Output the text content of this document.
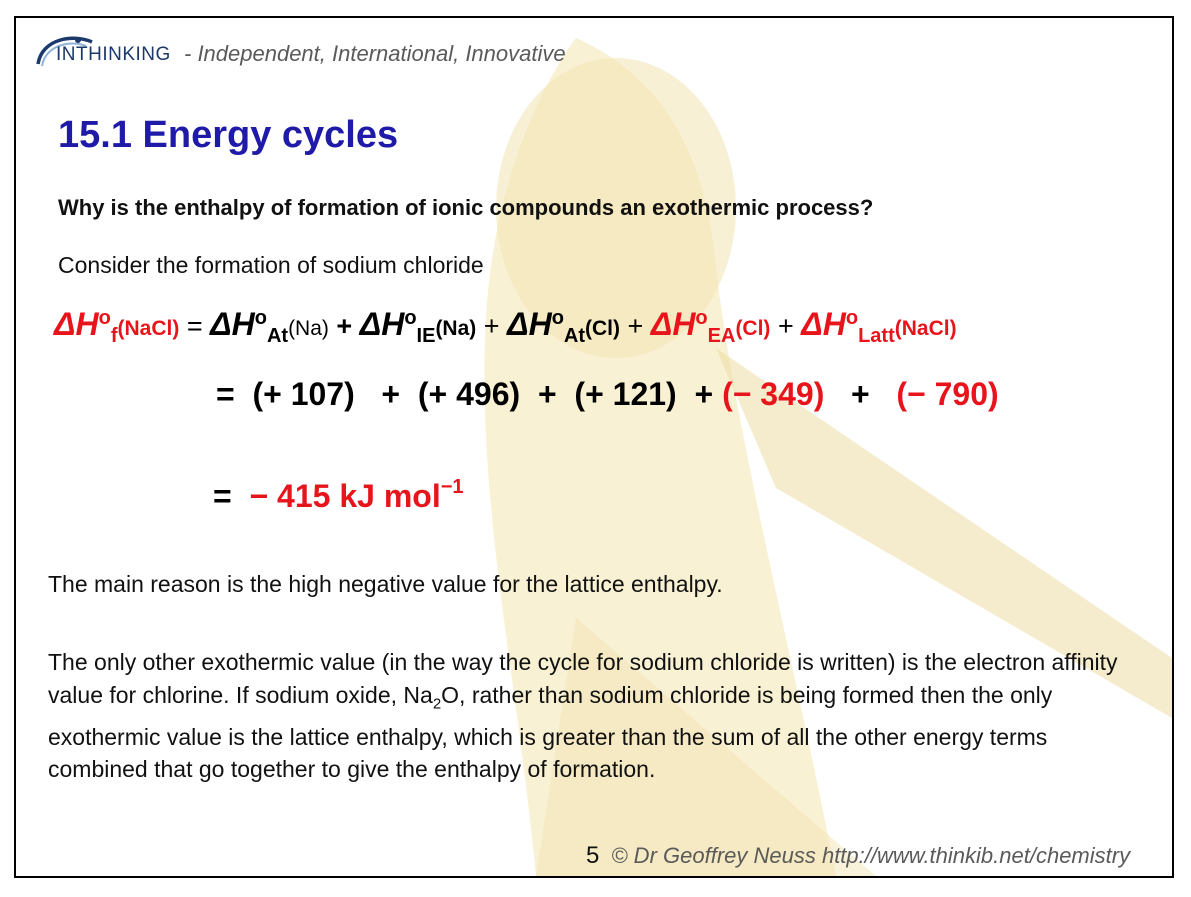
INTHINKING - Independent, International, Innovative
15.1 Energy cycles
Why is the enthalpy of formation of ionic compounds an exothermic process?
Consider the formation of sodium chloride
$\Delta H^o_f(NaCl) = \Delta H^o_{At}(Na) + \Delta H^o_{IE}(Na) + \Delta H^o_{At}(Cl) + \Delta H^o_{EA}(Cl)$ + $\Delta H^o_{Latt}(NaCl)$
= (+ 107) + (+ 496) + (+ 121) + (− 349) + (− 790)
= − 415 kJ mol$^{-1}$
The main reason is the high negative value for the lattice enthalpy.
The only other exothermic value (in the way the cycle for sodium chloride is written) is the electron affinity value for chlorine. If sodium oxide, $Na_2O$, rather than sodium chloride is being formed then the only exothermic value is the lattice enthalpy, which is greater than the sum of all the other energy terms combined that go together to give the enthalpy of formation.
5 © Dr Geoffrey Neuss http://www.thinkib.net/chemistry
